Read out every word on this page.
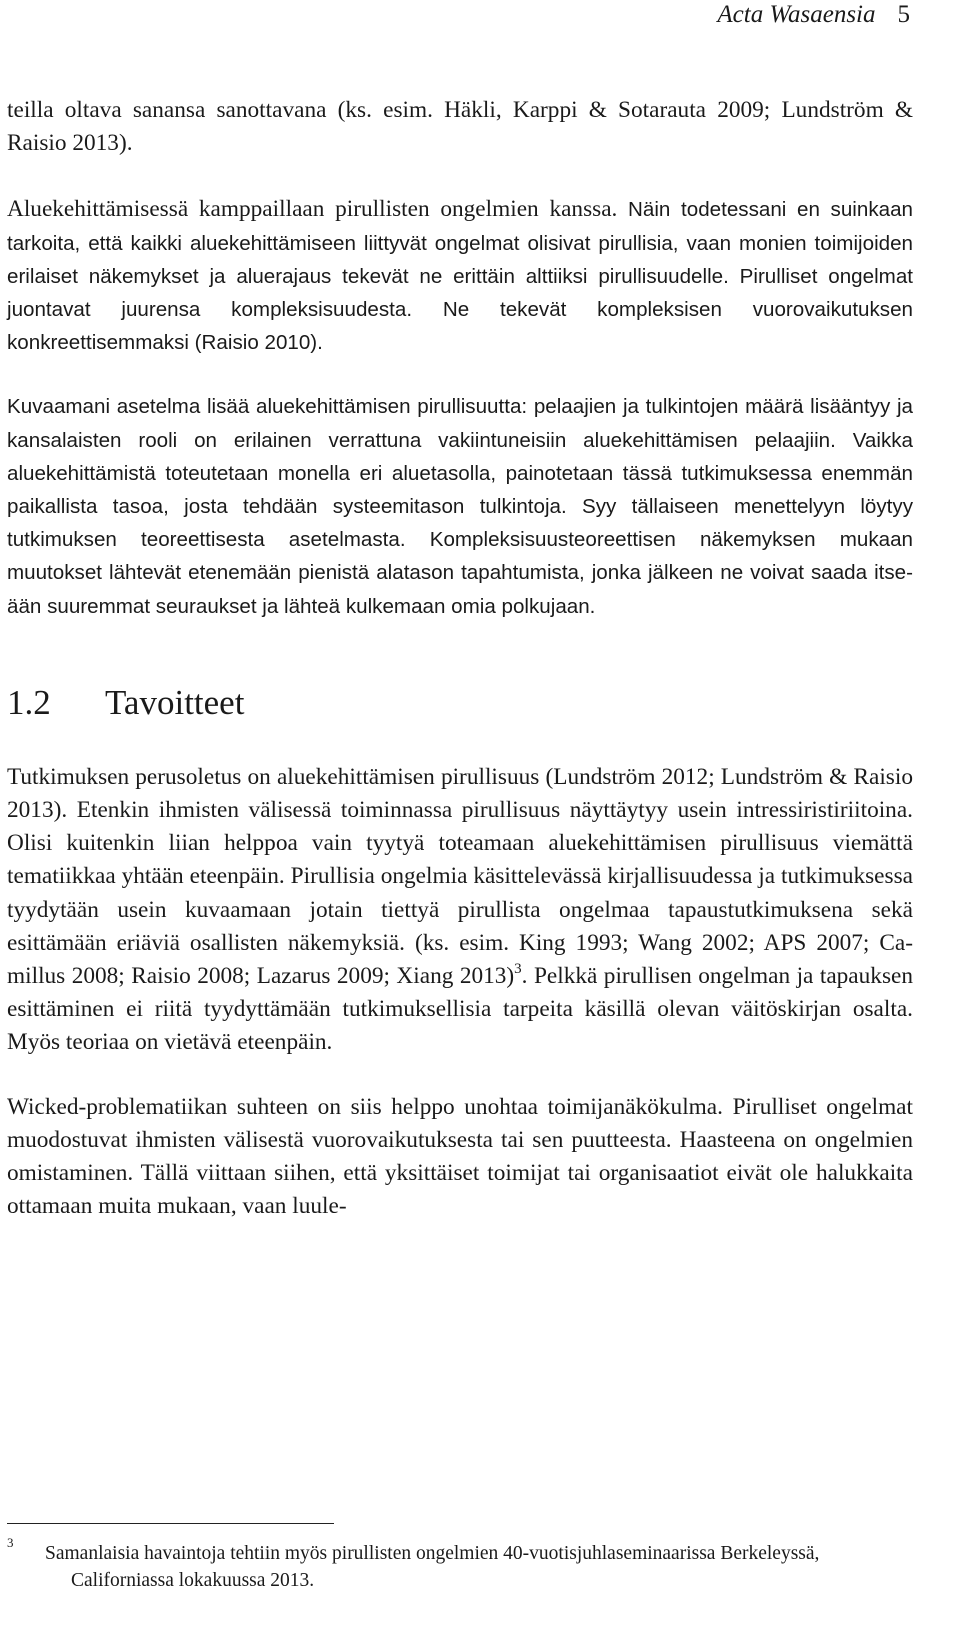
Acta Wasaensia 5

teilla oltava sanansa sanottavana (ks. esim. Häkli, Karppi & Sotarauta 2009; Lundström & Raisio 2013).

Aluekehittämisessä kamppaillaan pirullisten ongelmien kanssa. Näin todetessani en suinkaan tarkoita, että kaikki aluekehittämiseen liittyvät ongelmat olisivat pirullisia, vaan monien toimijoiden erilaiset näkemykset ja aluerajaus tekevät ne erittäin alttiiksi pirullisuudelle. Pirulliset ongelmat juontavat juurensa kompleksisuudesta. Ne tekevät kompleksisen vuorovaikutuksen konkreettisemmaksi (Raisio 2010).

Kuvaamani asetelma lisää aluekehittämisen pirullisuutta: pelaajien ja tulkintojen määrä lisääntyy ja kansalaisten rooli on erilainen verrattuna vakiintuneisiin aluekehittämisen pelaajiin. Vaikka aluekehittämistä toteutetaan monella eri aluetasolla, painotetaan tässä tutkimuksessa enemmän paikallista tasoa, josta tehdään systeemitason tulkintoja. Syy tällaiseen menettelyyn löytyy tutkimuksen teoreettisesta asetelmasta. Kompleksisuusteoreettisen näkemyksen mukaan muutokset lähtevät etenemään pienistä alatason tapahtumista, jonka jälkeen ne voivat saada itseään suuremmat seuraukset ja lähteä kulkemaan omia polkujaan.

1.2 Tavoitteet

Tutkimuksen perusoletus on aluekehittämisen pirullisuus (Lundström 2012; Lundström & Raisio 2013). Etenkin ihmisten välisessä toiminnassa pirullisuus näyttäytyy usein intressiristiriitoina. Olisi kuitenkin liian helppoa vain tyytyä toteamaan aluekehittämisen pirullisuus viemättä tematiikkaa yhtään eteenpäin. Pirullisia ongelmia käsittelevässä kirjallisuudessa ja tutkimuksessa tyydytään usein kuvaamaan jotain tiettyä pirullista ongelmaa tapaustutkimuksena sekä esittämään eriäviä osallisten näkemyksiä. (ks. esim. King 1993; Wang 2002; APS 2007; Camillus 2008; Raisio 2008; Lazarus 2009; Xiang 2013)$^3$. Pelkkä pirullisen ongelman ja tapauksen esittäminen ei riitä tyydyttämään tutkimuksellisia tarpeita käsillä olevan väitöskirjan osalta. Myös teoriaa on vietävä eteenpäin.

Wicked-problematiikan suhteen on siis helppo unohtaa toimijanäkökulma. Pirulliset ongelmat muodostuvat ihmisten välisestä vuorovaikutuksesta tai sen puutteesta. Haasteena on ongelmien omistaminen. Tällä viittaan siihen, että yksittäiset toimijat tai organisaatiot eivät ole halukkaita ottamaan muita mukaan, vaan luule-

3
Samanlaisia havaintoja tehtiin myös pirullisten ongelmien 40-vuotisjuhlaseminaarissa Berkeleyssä, Californiassa lokakuussa 2013.
